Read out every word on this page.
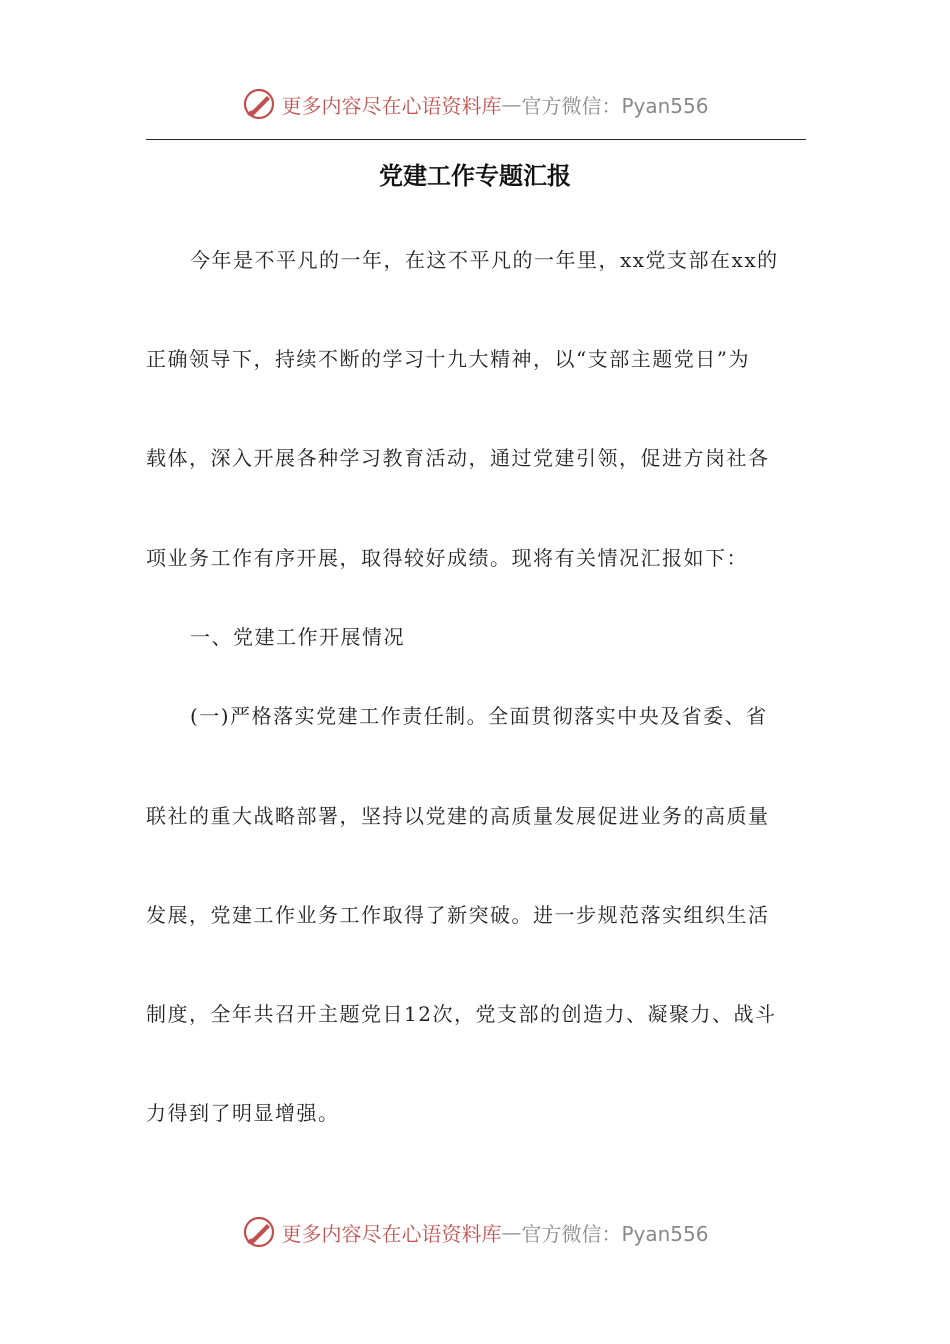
更多内容尽在心语资料库 — 官方微信：Pyan556
党建工作专题汇报
今年是不平凡的一年，在这不平凡的一年里，xx党支部在xx的
正确领导下，持续不断的学习十九大精神，以“支部主题党日”为
载体，深入开展各种学习教育活动，通过党建引领，促进方岗社各
项业务工作有序开展，取得较好成绩。现将有关情况汇报如下：
一、党建工作开展情况
(一)严格落实党建工作责任制。全面贯彻落实中央及省委、省
联社的重大战略部署，坚持以党建的高质量发展促进业务的高质量
发展，党建工作业务工作取得了新突破。进一步规范落实组织生活
制度，全年共召开主题党日12次，党支部的创造力、凝聚力、战斗
力得到了明显增强。
更多内容尽在心语资料库 — 官方微信：Pyan556
